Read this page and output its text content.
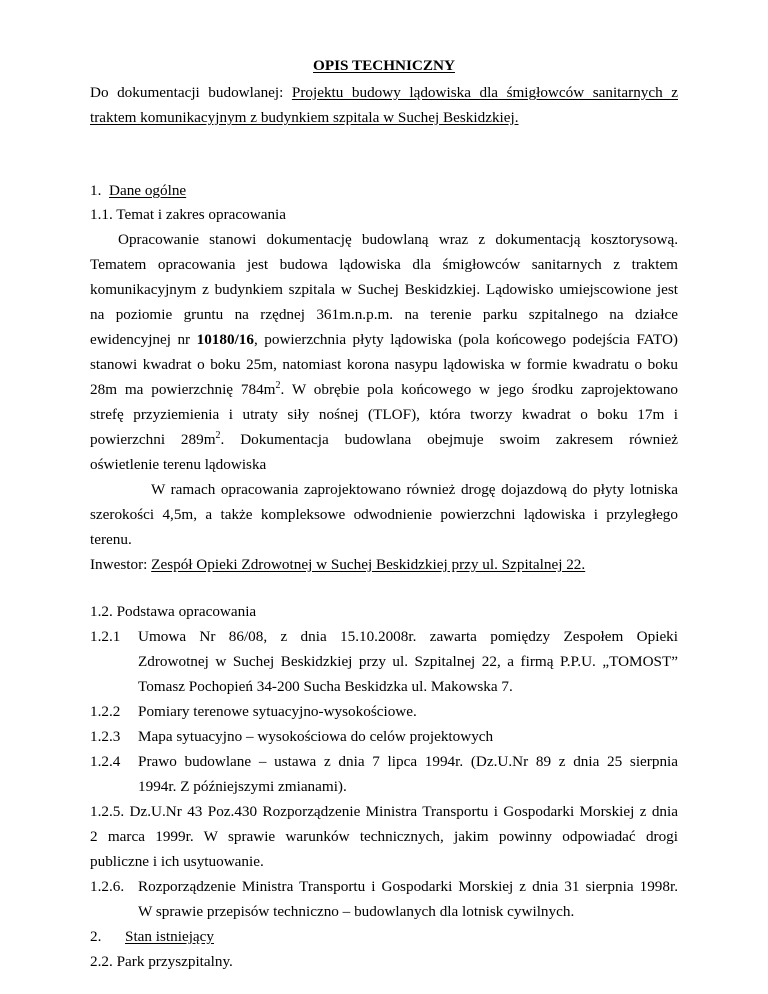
OPIS TECHNICZNY
Do dokumentacji budowlanej: Projektu budowy lądowiska dla śmigłowców sanitarnych z
traktem komunikacyjnym z budynkiem szpitala w Suchej Beskidzkiej.
1. Dane ogólne
1.1. Temat i zakres opracowania
Opracowanie stanowi dokumentację budowlaną wraz z dokumentacją kosztorysową.
Tematem opracowania jest budowa lądowiska dla śmigłowców sanitarnych z traktem
komunikacyjnym z budynkiem szpitala w Suchej Beskidzkiej. Lądowisko umiejscowione jest
na poziomie gruntu na rzędnej 361m.n.p.m. na terenie parku szpitalnego na działce
ewidencyjnej nr 10180/16, powierzchnia płyty lądowiska (pola końcowego podejścia FATO)
stanowi kwadrat o boku 25m, natomiast korona nasypu lądowiska w formie kwadratu o boku
28m ma powierzchnię $784m^2$. W obrębie pola końcowego w jego środku zaprojektowano
strefę przyziemienia i utraty siły nośnej (TLOF), która tworzy kwadrat o boku 17m i
powierzchni $289m^2$. Dokumentacja budowlana obejmuje swoim zakresem również
oświetlenie terenu lądowiska
W ramach opracowania zaprojektowano również drogę dojazdową do płyty lotniska
szerokości 4,5m, a także kompleksowe odwodnienie powierzchni lądowiska i przyległego
terenu.
Inwestor: Zespół Opieki Zdrowotnej w Suchej Beskidzkiej przy ul. Szpitalnej 22.
1.2. Podstawa opracowania
1.2.1 Umowa Nr 86/08, z dnia 15.10.2008r. zawarta pomiędzy Zespołem Opieki
Zdrowotnej w Suchej Beskidzkiej przy ul. Szpitalnej 22, a firmą P.P.U. „TOMOST”
Tomasz Pochopień 34-200 Sucha Beskidzka ul. Makowska 7.
1.2.2 Pomiary terenowe sytuacyjno-wysokościowe.
1.2.3 Mapa sytuacyjno – wysokościowa do celów projektowych
1.2.4 Prawo budowlane – ustawa z dnia 7 lipca 1994r. (Dz.U.Nr 89 z dnia 25 sierpnia
1994r. Z późniejszymi zmianami).
1.2.5. Dz.U.Nr 43 Poz.430 Rozporządzenie Ministra Transportu i Gospodarki Morskiej z dnia
2 marca 1999r. W sprawie warunków technicznych, jakim powinny odpowiadać drogi
publiczne i ich usytuowanie.
1.2.6. Rozporządzenie Ministra Transportu i Gospodarki Morskiej z dnia 31 sierpnia 1998r.
W sprawie przepisów techniczno – budowlanych dla lotnisk cywilnych.
2. Stan istniejący
2.2. Park przyszpitalny.
